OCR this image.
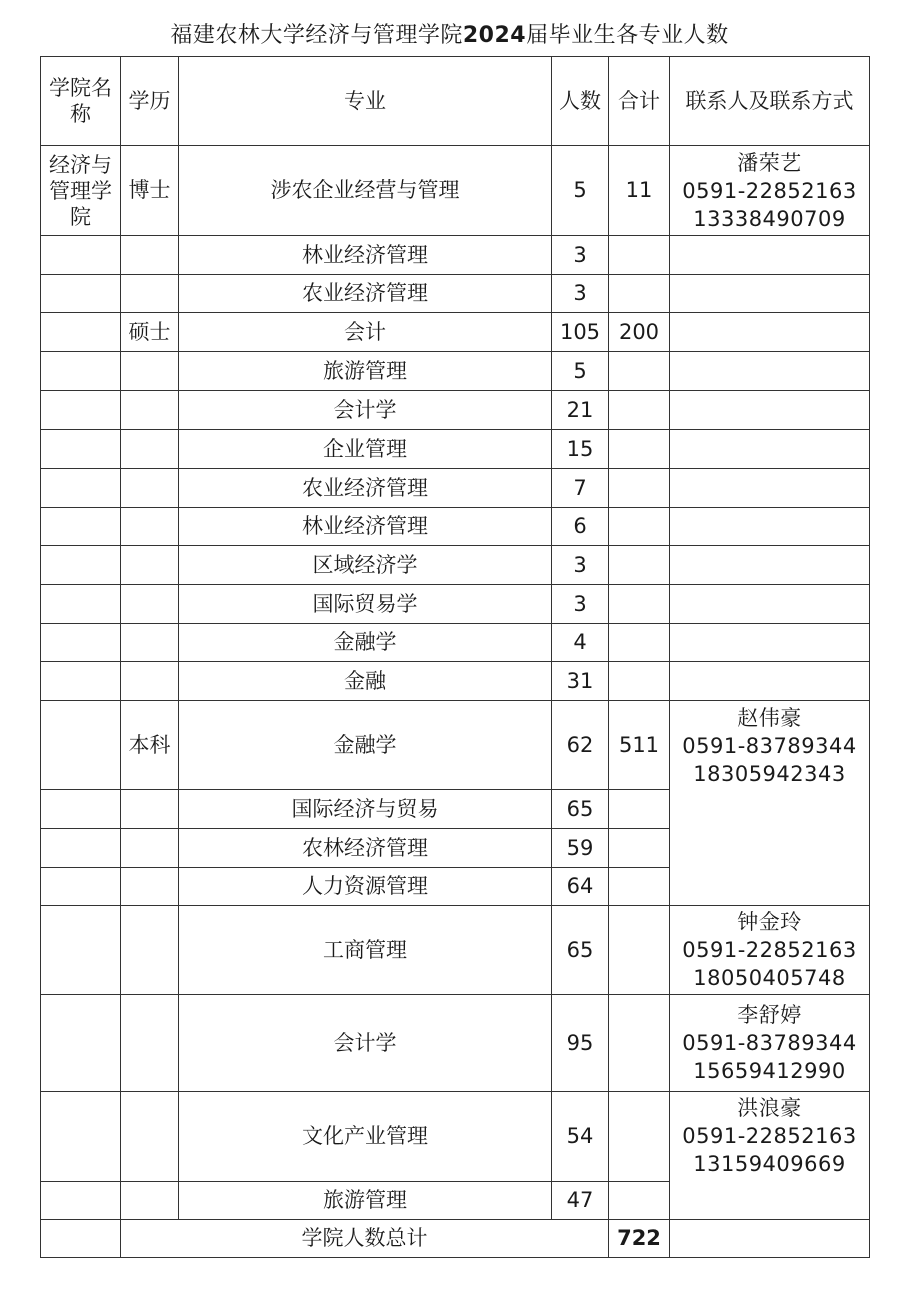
福建农林大学经济与管理学院2024届毕业生各专业人数
学院名称	学历	专业	人数	合计	联系人及联系方式
经济与管理学院	博士	涉农企业经营与管理	5	11	潘荣艺
0591-22852163
13338490709

		林业经济管理	3		
		农业经济管理	3		
	硕士	会计	105	200	
		旅游管理	5		
		会计学	21		
		企业管理	15		
		农业经济管理	7		
		林业经济管理	6		
		区域经济学	3		
		国际贸易学	3		
		金融学	4		
		金融	31		
	本科	金融学	62	511	赵伟豪
0591-83789344
18305942343

		国际经济与贸易	65		
		农林经济管理	59		
		人力资源管理	64		
		工商管理	65		钟金玲
0591-22852163
18050405748

		会计学	95		李舒婷
0591-83789344
15659412990

		文化产业管理	54		洪浪豪
0591-22852163
13159409669

		旅游管理	47		
	学院人数总计			722	
